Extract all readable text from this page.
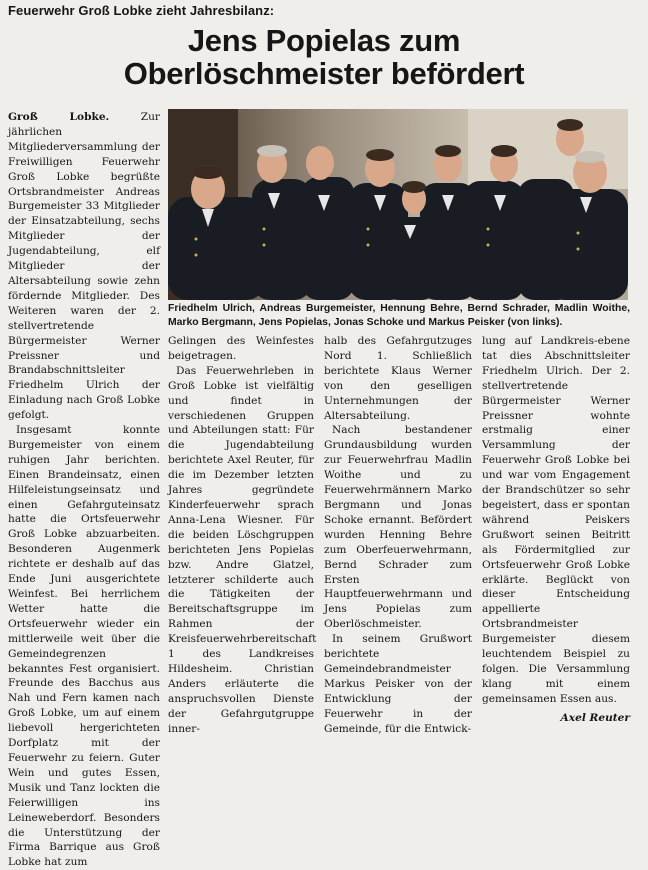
Feuerwehr Groß Lobke zieht Jahresbilanz:
Jens Popielas zum
Oberlöschmeister befördert

Groß Lobke.	Zur jährlichen Mitgliederversammlung der Freiwilligen Feuerwehr Groß Lobke begrüßte Ortsbrandmeister Andreas Burgemeister 33 Mitglieder der Einsatzabteilung, sechs Mitglieder der Jugendabteilung, elf Mitglieder der Altersabteilung sowie zehn fördernde Mitglieder. Des Weiteren waren der 2. stellvertretende Bürgermeister Werner Preissner und Brandabschnittsleiter Friedhelm Ulrich der Einladung nach Groß Lobke gefolgt.

Insgesamt konnte Burgemeister von einem ruhigen Jahr berichten. Einen Brandeinsatz, einen Hilfeleistungseinsatz und einen Gefahrguteinsatz hatte die Ortsfeuerwehr Groß Lobke abzuarbeiten. Besonderen Augenmerk richtete er deshalb auf das Ende Juni ausgerichtete Weinfest. Bei herrlichem Wetter hatte die Ortsfeuerwehr wieder ein mittlerweile weit über die Gemeindegrenzen bekanntes Fest organisiert. Freunde des Bacchus aus Nah und Fern kamen nach Groß Lobke, um auf einem liebevoll hergerichteten Dorfplatz mit der Feuerwehr zu feiern. Guter Wein und gutes Essen, Musik und Tanz lockten die Feierwilligen ins Leineweberdorf. Besonders die Unterstützung der Firma Barrique aus Groß Lobke hat zum

Friedhelm Ulrich, Andreas Burgemeister, Hennung Behre, Bernd Schrader, Madlin Woithe, Marko Bergmann, Jens Popielas, Jonas Schoke und Markus Peisker (von links).

Gelingen des Weinfestes beigetragen.

Das Feuerwehrleben in Groß Lobke ist vielfältig und findet in verschiedenen Gruppen und Abteilungen statt: Für die Jugendabteilung berichtete Axel Reuter, für die im Dezember letzten Jahres gegründete Kinderfeuerwehr sprach Anna-Lena Wiesner. Für die beiden Löschgruppen berichteten Jens Popielas bzw. Andre Glatzel, letzterer schilderte auch die Tätigkeiten der Bereitschaftsgruppe im Rahmen der Kreisfeuerwehrbereitschaft 1 des Landkreises Hildesheim. Christian Anders erläuterte die anspruchsvollen Dienste der Gefahrgutgruppe inner-

halb des Gefahrgutzuges Nord 1. Schließlich berichtete Klaus Werner von den geselligen Unternehmungen der Altersabteilung.

Nach bestandener Grundausbildung wurden zur Feuerwehrfrau Madlin Woithe und zu Feuerwehrmännern Marko Bergmann und Jonas Schoke ernannt. Befördert wurden Henning Behre zum Oberfeuerwehrmann, Bernd Schrader zum Ersten Hauptfeuerwehrmann und Jens Popielas zum Oberlöschmeister.

In seinem Grußwort berichtete Gemeindebrandmeister Markus Peisker von der Entwicklung der Feuerwehr in der Gemeinde, für die Entwick-

lung auf Landkreis-ebene tat dies Abschnittsleiter Friedhelm Ulrich. Der 2. stellvertretende Bürgermeister Werner Preissner wohnte erstmalig einer Versammlung der Feuerwehr Groß Lobke bei und war vom Engagement der Brandschützer so sehr begeistert, dass er spontan während Peiskers Grußwort seinen Beitritt als Fördermitglied zur Ortsfeuerwehr Groß Lobke erklärte. Beglückt von dieser Entscheidung appellierte Ortsbrandmeister Burgemeister diesem leuchtendem Beispiel zu folgen. Die Versammlung klang mit einem gemeinsamen Essen aus.

Axel Reuter
